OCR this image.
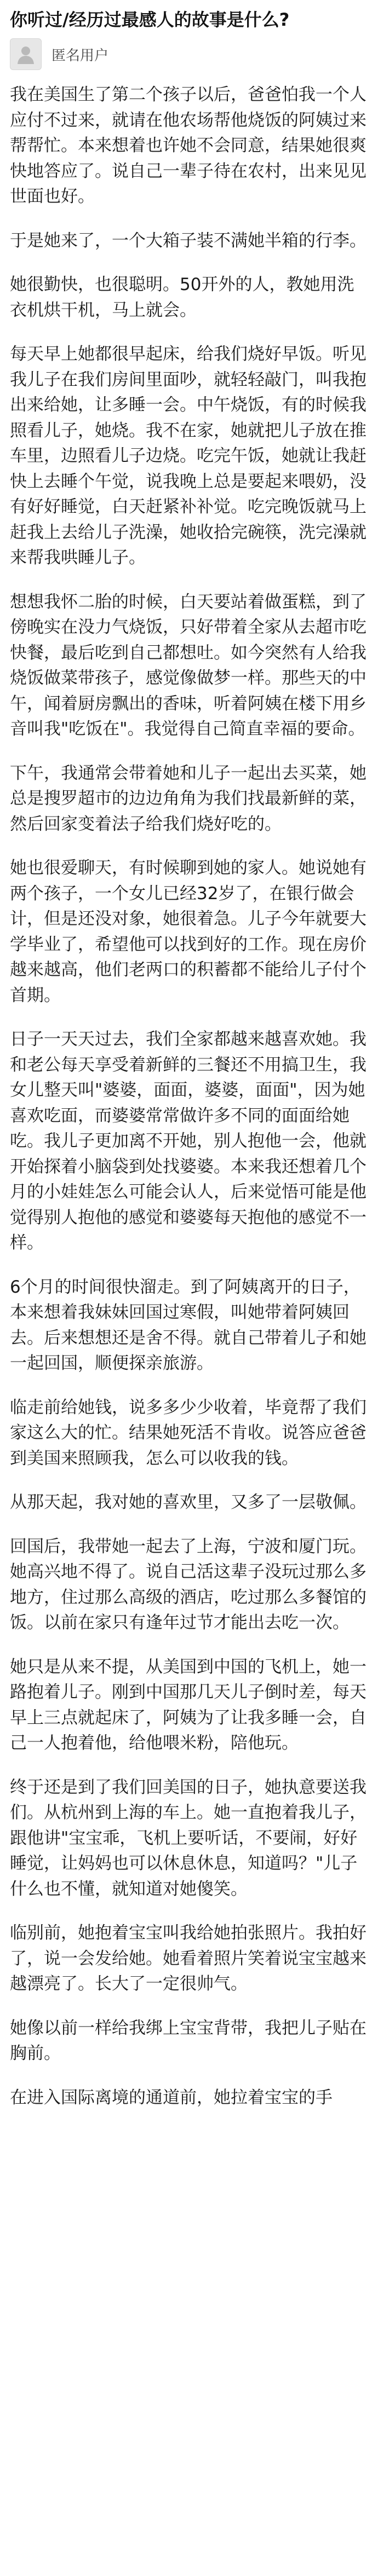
你听过/经历过最感人的故事是什么?
匿名用户

我在美国生了第二个孩子以后，爸爸怕我一个人应付不过来，就请在他农场帮他烧饭的阿姨过来帮帮忙。本来想着也许她不会同意，结果她很爽快地答应了。说自己一辈子待在农村，出来见见世面也好。

于是她来了，一个大箱子装不满她半箱的行李。

她很勤快，也很聪明。50开外的人，教她用洗衣机烘干机，马上就会。

每天早上她都很早起床，给我们烧好早饭。听见我儿子在我们房间里面吵，就轻轻敲门，叫我抱出来给她，让多睡一会。中午烧饭，有的时候我照看儿子，她烧。我不在家，她就把儿子放在推车里，边照看儿子边烧。吃完午饭，她就让我赶快上去睡个午觉，说我晚上总是要起来喂奶，没有好好睡觉，白天赶紧补补觉。吃完晚饭就马上赶我上去给儿子洗澡，她收拾完碗筷，洗完澡就来帮我哄睡儿子。

想想我怀二胎的时候，白天要站着做蛋糕，到了傍晚实在没力气烧饭，只好带着全家从去超市吃快餐，最后吃到自己都想吐。如今突然有人给我烧饭做菜带孩子，感觉像做梦一样。那些天的中午，闻着厨房飘出的香味，听着阿姨在楼下用乡音叫我"吃饭在"。我觉得自己简直幸福的要命。

下午，我通常会带着她和儿子一起出去买菜，她总是搜罗超市的边边角角为我们找最新鲜的菜，然后回家变着法子给我们烧好吃的。

她也很爱聊天，有时候聊到她的家人。她说她有两个孩子，一个女儿已经32岁了，在银行做会计，但是还没对象，她很着急。儿子今年就要大学毕业了，希望他可以找到好的工作。现在房价越来越高，他们老两口的积蓄都不能给儿子付个首期。

日子一天天过去，我们全家都越来越喜欢她。我和老公每天享受着新鲜的三餐还不用搞卫生，我女儿整天叫"婆婆，面面，婆婆，面面"，因为她喜欢吃面，而婆婆常常做许多不同的面面给她吃。我儿子更加离不开她，别人抱他一会，他就开始探着小脑袋到处找婆婆。本来我还想着几个月的小娃娃怎么可能会认人，后来觉悟可能是他觉得别人抱他的感觉和婆婆每天抱他的感觉不一样。

6个月的时间很快溜走。到了阿姨离开的日子，本来想着我妹妹回国过寒假，叫她带着阿姨回去。后来想想还是舍不得。就自己带着儿子和她一起回国，顺便探亲旅游。

临走前给她钱，说多多少少收着，毕竟帮了我们家这么大的忙。结果她死活不肯收。说答应爸爸到美国来照顾我，怎么可以收我的钱。

从那天起，我对她的喜欢里，又多了一层敬佩。

回国后，我带她一起去了上海，宁波和厦门玩。她高兴地不得了。说自己活这辈子没玩过那么多地方，住过那么高级的酒店，吃过那么多餐馆的饭。以前在家只有逢年过节才能出去吃一次。

她只是从来不提，从美国到中国的飞机上，她一路抱着儿子。刚到中国那几天儿子倒时差，每天早上三点就起床了，阿姨为了让我多睡一会，自己一人抱着他，给他喂米粉，陪他玩。

终于还是到了我们回美国的日子，她执意要送我们。从杭州到上海的车上。她一直抱着我儿子，跟他讲"宝宝乖，飞机上要听话，不要闹，好好睡觉，让妈妈也可以休息休息，知道吗？"儿子什么也不懂，就知道对她傻笑。

临别前，她抱着宝宝叫我给她拍张照片。我拍好了，说一会发给她。她看着照片笑着说宝宝越来越漂亮了。长大了一定很帅气。

她像以前一样给我绑上宝宝背带，我把儿子贴在胸前。

在进入国际离境的通道前，她拉着宝宝的手
